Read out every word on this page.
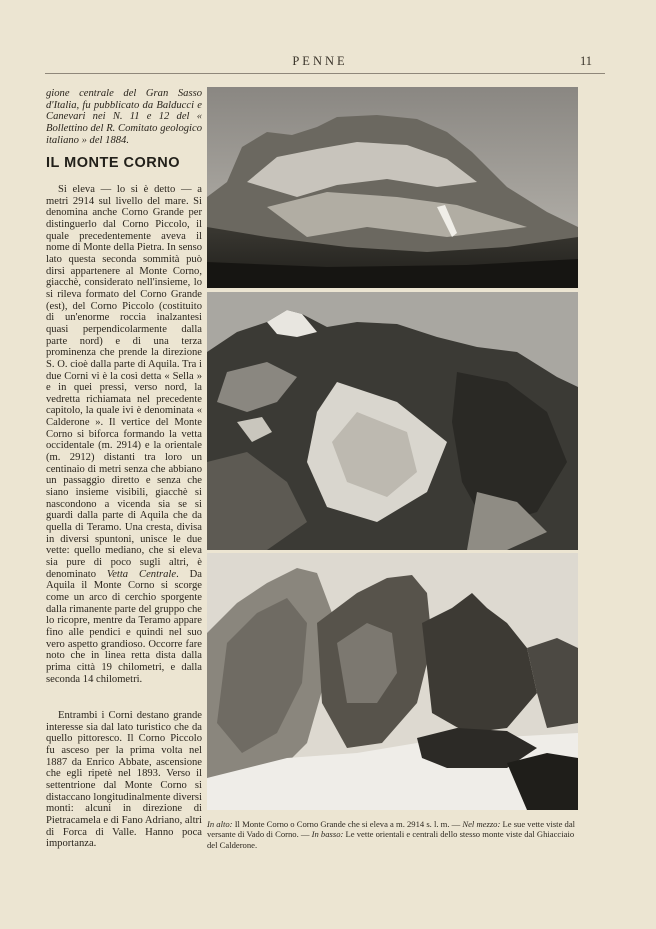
PENNE	11

gione centrale del Gran Sasso d'Italia, fu pubblicato da Balducci e Canevari nei N. 11 e 12 del « Bollettino del R. Comitato geologico italiano » del 1884.

IL MONTE CORNO

Si eleva — lo si è detto — a metri 2914 sul livello del mare. Si denomina anche Corno Grande per distinguerlo dal Corno Piccolo, il quale precedentemente aveva il nome di Monte della Pietra. In senso lato questa seconda sommità può dirsi appartenere al Monte Corno, giacchè, considerato nell'insieme, lo si rileva formato del Corno Grande (est), del Corno Piccolo (costituito di un'enorme roccia inalzantesi quasi perpendicolarmente dalla parte nord) e di una terza prominenza che prende la direzione S. O. cioè dalla parte di Aquila. Tra i due Corni vi è la così detta « Sella » e in quei pressi, verso nord, la vedretta richiamata nel precedente capitolo, la quale ivi è denominata « Calderone ». Il vertice del Monte Corno si biforca formando la vetta occidentale (m. 2914) e la orientale (m. 2912) distanti tra loro un centinaio di metri senza che abbiano un passaggio diretto e senza che siano insieme visibili, giacchè si nascondono a vicenda sia se si guardi dalla parte di Aquila che da quella di Teramo. Una cresta, divisa in diversi spuntoni, unisce le due vette: quello mediano, che si eleva sia pure di poco sugli altri, è denominato Vetta Centrale. Da Aquila il Monte Corno si scorge come un arco di cerchio sporgente dalla rimanente parte del gruppo che lo ricopre, mentre da Teramo appare fino alle pendici e quindi nel suo vero aspetto grandioso. Occorre fare noto che in linea retta dista dalla prima città 19 chilometri, e dalla seconda 14 chilometri.

Entrambi i Corni destano grande interesse sia dal lato turistico che da quello pittoresco. Il Corno Piccolo fu asceso per la prima volta nel 1887 da Enrico Abbate, ascensione che egli ripetè nel 1893. Verso il settentrione dal Monte Corno si distaccano longitudinalmente diversi monti: alcuni in direzione di Pietracamela e di Fano Adriano, altri di Forca di Valle. Hanno poca importanza.

In alto: Il Monte Corno o Corno Grande che si eleva a m. 2914 s. l. m. — Nel mezzo: Le sue vette viste dal versante di Vado di Corno. — In basso: Le vette orientali e centrali dello stesso monte viste dal Ghiacciaio del Calderone.
